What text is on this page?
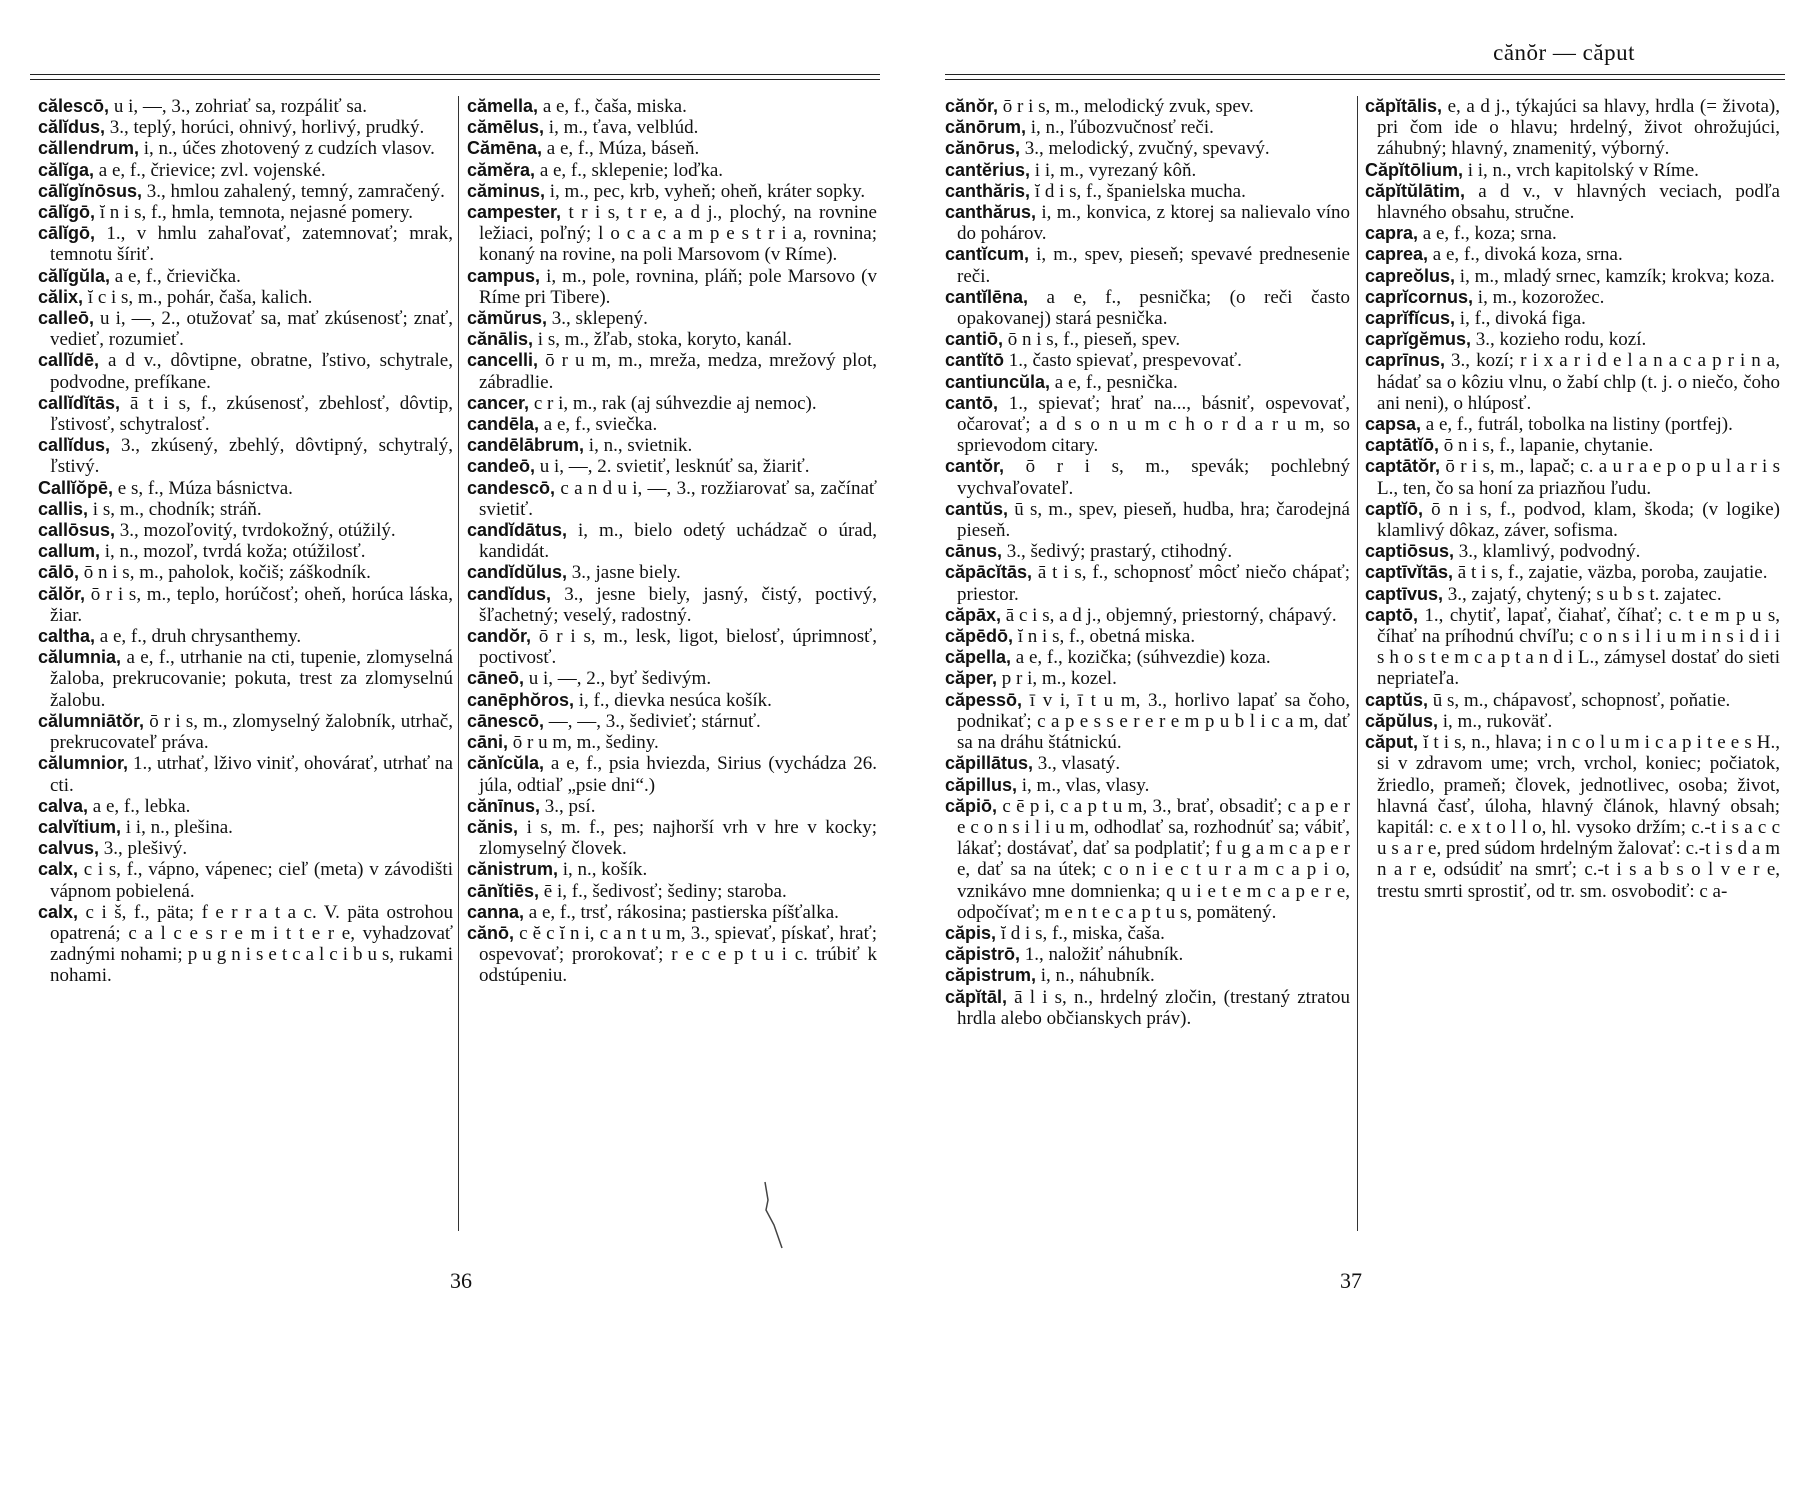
călescō, u i, —, 3., zohriať sa, rozpáliť sa.

călĭdus, 3., teplý, horúci, ohnivý, horlivý, prudký.

căllendrum, i, n., účes zhotovený z cudzích vlasov.

călĭga, a e, f., črievice; zvl. vojenské.

cālĭgĭnōsus, 3., hmlou zahalený, temný, zamračený.

cālĭgō, ĭ n i s, f., hmla, temnota, nejasné pomery.

cālĭgō, 1., v hmlu zahaľovať, zatemnovať; mrak, temnotu šíriť.

călĭgŭla, a e, f., črievička.

călix, ĭ c i s, m., pohár, čaša, kalich.

calleō, u i, —, 2., otužovať sa, mať zkúsenosť; znať, vedieť, rozumieť.

callĭdē, a d v., dôvtipne, obratne, ľstivo, schytrale, podvodne, prefíkane.

callĭdĭtās, ā t i s, f., zkúsenosť, zbehlosť, dôvtip, ľstivosť, schytralosť.

callĭdus, 3., zkúsený, zbehlý, dôvtipný, schytralý, ľstivý.

Callĭŏpē, e s, f., Múza básnictva.

callis, i s, m., chodník; stráň.

callōsus, 3., mozoľovitý, tvrdokožný, otúžilý.

callum, i, n., mozoľ, tvrdá koža; otúžilosť.

cālō, ō n i s, m., paholok, kočiš; záškodník.

călŏr, ō r i s, m., teplo, horúčosť; oheň, horúca láska, žiar.

caltha, a e, f., druh chrysanthemy.

călumnia, a e, f., utrhanie na cti, tupenie, zlomyselná žaloba, prekrucovanie; pokuta, trest za zlomyselnú žalobu.

călumniātŏr, ō r i s, m., zlomyselný žalobník, utrhač, prekrucovateľ práva.

călumnior, 1., utrhať, lživo viniť, ohovárať, utrhať na cti.

calva, a e, f., lebka.

calvĭtium, i i, n., plešina.

calvus, 3., plešivý.

calx, c i s, f., vápno, vápenec; cieľ (meta) v závodišti vápnom pobielená.

calx, c i š, f., päta; f e r r a t a c. V. päta ostrohou opatrená; c a l c e s r e m i t t e r e, vyhadzovať zadnými nohami; p u g n i s e t c a l c i b u s, rukami nohami.

cămella, a e, f., čaša, miska.

cămēlus, i, m., ťava, velblúd.

Cămēna, a e, f., Múza, báseň.

cămĕra, a e, f., sklepenie; loďka.

căminus, i, m., pec, krb, vyheň; oheň, kráter sopky.

campester, t r i s, t r e, a d j., plochý, na rovnine ležiaci, poľný; l o c a c a m p e s t r i a, rovnina; konaný na rovine, na poli Marsovom (v Ríme).

campus, i, m., pole, rovnina, pláň; pole Marsovo (v Ríme pri Tibere).

cămŭrus, 3., sklepený.

cănālis, i s, m., žľab, stoka, koryto, kanál.

cancelli, ō r u m, m., mreža, medza, mrežový plot, zábradlie.

cancer, c r i, m., rak (aj súhvezdie aj nemoc).

candēla, a e, f., sviečka.

candēlābrum, i, n., svietnik.

candeō, u i, —, 2. svietiť, lesknúť sa, žiariť.

candescō, c a n d u i, —, 3., rozžiarovať sa, začínať svietiť.

candĭdātus, i, m., bielo odetý uchádzač o úrad, kandidát.

candĭdŭlus, 3., jasne biely.

candĭdus, 3., jesne biely, jasný, čistý, poctivý, šľachetný; veselý, radostný.

candŏr, ō r i s, m., lesk, ligot, bielosť, úprimnosť, poctivosť.

cāneō, u i, —, 2., byť šedivým.

canēphŏros, i, f., dievka nesúca košík.

cānescō, —, —, 3., šedivieť; stárnuť.

cāni, ō r u m, m., šediny.

cănĭcŭla, a e, f., psia hviezda, Sirius (vychádza 26. júla, odtiaľ „psie dni“.)

cănīnus, 3., psí.

cănis, i s, m. f., pes; najhorší vrh v hre v kocky; zlomyselný človek.

cănistrum, i, n., košík.

cānĭtiēs, ē i, f., šedivosť; šediny; staroba.

canna, a e, f., trsť, rákosina; pastierska píšťalka.

cănō, c ĕ c ĭ n i, c a n t u m, 3., spievať, pískať, hrať; ospevovať; prorokovať; r e c e p t u i c. trúbiť k odstúpeniu.

36
cănŏr — căput

cănŏr, ō r i s, m., melodický zvuk, spev.

cănōrum, i, n., ľúbozvučnosť reči.

cănōrus, 3., melodický, zvučný, spevavý.

cantĕrius, i i, m., vyrezaný kôň.

canthăris, ĭ d i s, f., španielska mucha.

canthărus, i, m., konvica, z ktorej sa nalievalo víno do pohárov.

cantĭcum, i, m., spev, pieseň; spevavé prednesenie reči.

cantĭlēna, a e, f., pesnička; (o reči často opakovanej) stará pesnička.

cantiō, ō n i s, f., pieseň, spev.

cantĭtō 1., často spievať, prespevovať.

cantiuncŭla, a e, f., pesnička.

cantō, 1., spievať; hrať na..., básniť, ospevovať, očarovať; a d s o n u m c h o r d a r u m, so sprievodom citary.

cantŏr, ō r i s, m., spevák; pochlebný vychvaľovateľ.

cantŭs, ū s, m., spev, pieseň, hudba, hra; čarodejná pieseň.

cānus, 3., šedivý; prastarý, ctihodný.

căpācĭtās, ā t i s, f., schopnosť môcť niečo chápať; priestor.

căpāx, ā c i s, a d j., objemný, priestorný, chápavý.

căpēdō, ĭ n i s, f., obetná miska.

căpella, a e, f., kozička; (súhvezdie) koza.

căper, p r i, m., kozel.

căpessō, ī v i, ī t u m, 3., horlivo lapať sa čoho, podnikať; c a p e s s e r e r e m p u b l i c a m, dať sa na dráhu štátnickú.

căpillātus, 3., vlasatý.

căpillus, i, m., vlas, vlasy.

căpiō, c ē p i, c a p t u m, 3., brať, obsadiť; c a p e r e c o n s i l i u m, odhodlať sa, rozhodnúť sa; vábiť, lákať; dostávať, dať sa podplatiť; f u g a m c a p e r e, dať sa na útek; c o n i e c t u r a m c a p i o, vznikávo mne domnienka; q u i e t e m c a p e r e, odpočívať; m e n t e c a p t u s, pomätený.

căpis, ĭ d i s, f., miska, čaša.

căpistrō, 1., naložiť náhubník.

căpistrum, i, n., náhubník.

căpĭtāl, ā l i s, n., hrdelný zločin, (trestaný ztratou hrdla alebo občianskych práv).

căpĭtālis, e, a d j., týkajúci sa hlavy, hrdla (= života), pri čom ide o hlavu; hrdelný, život ohrožujúci, záhubný; hlavný, znamenitý, výborný.

Căpĭtōlium, i i, n., vrch kapitolský v Ríme.

căpĭtŭlātim, a d v., v hlavných veciach, podľa hlavného obsahu, stručne.

capra, a e, f., koza; srna.

caprea, a e, f., divoká koza, srna.

capreŏlus, i, m., mladý srnec, kamzík; krokva; koza.

caprĭcornus, i, m., kozorožec.

caprĭfĭcus, i, f., divoká figa.

caprĭgĕmus, 3., kozieho rodu, kozí.

caprīnus, 3., kozí; r i x a r i d e l a n a c a p r i n a, hádať sa o kôziu vlnu, o žabí chlp (t. j. o niečo, čoho ani neni), o hlúposť.

capsa, a e, f., futrál, tobolka na listiny (portfej).

captātĭō, ō n i s, f., lapanie, chytanie.

captātŏr, ō r i s, m., lapač; c. a u r a e p o p u l a r i s L., ten, čo sa honí za priazňou ľudu.

captĭō, ō n i s, f., podvod, klam, škoda; (v logike) klamlivý dôkaz, záver, sofisma.

captiōsus, 3., klamlivý, podvodný.

captīvĭtās, ā t i s, f., zajatie, väzba, poroba, zaujatie.

captīvus, 3., zajatý, chytený; s u b s t. zajatec.

captō, 1., chytiť, lapať, čiahať, číhať; c. t e m p u s, číhať na príhodnú chvíľu; c o n s i l i u m i n s i d i i s h o s t e m c a p t a n d i L., zámysel dostať do sieti nepriateľa.

captŭs, ū s, m., chápavosť, schopnosť, poňatie.

căpŭlus, i, m., rukoväť.

căput, ĭ t i s, n., hlava; i n c o l u m i c a p i t e e s H., si v zdravom ume; vrch, vrchol, koniec; počiatok, žriedlo, prameň; človek, jednotlivec, osoba; život, hlavná časť, úloha, hlavný článok, hlavný obsah; kapitál: c. e x t o l l o, hl. vysoko držím; c.-t i s a c c u s a r e, pred súdom hrdelným žalovať: c.-t i s d a m n a r e, odsúdiť na smrť; c.-t i s a b s o l v e r e, trestu smrti sprostiť, od tr. sm. osvobodiť: c a-

37
